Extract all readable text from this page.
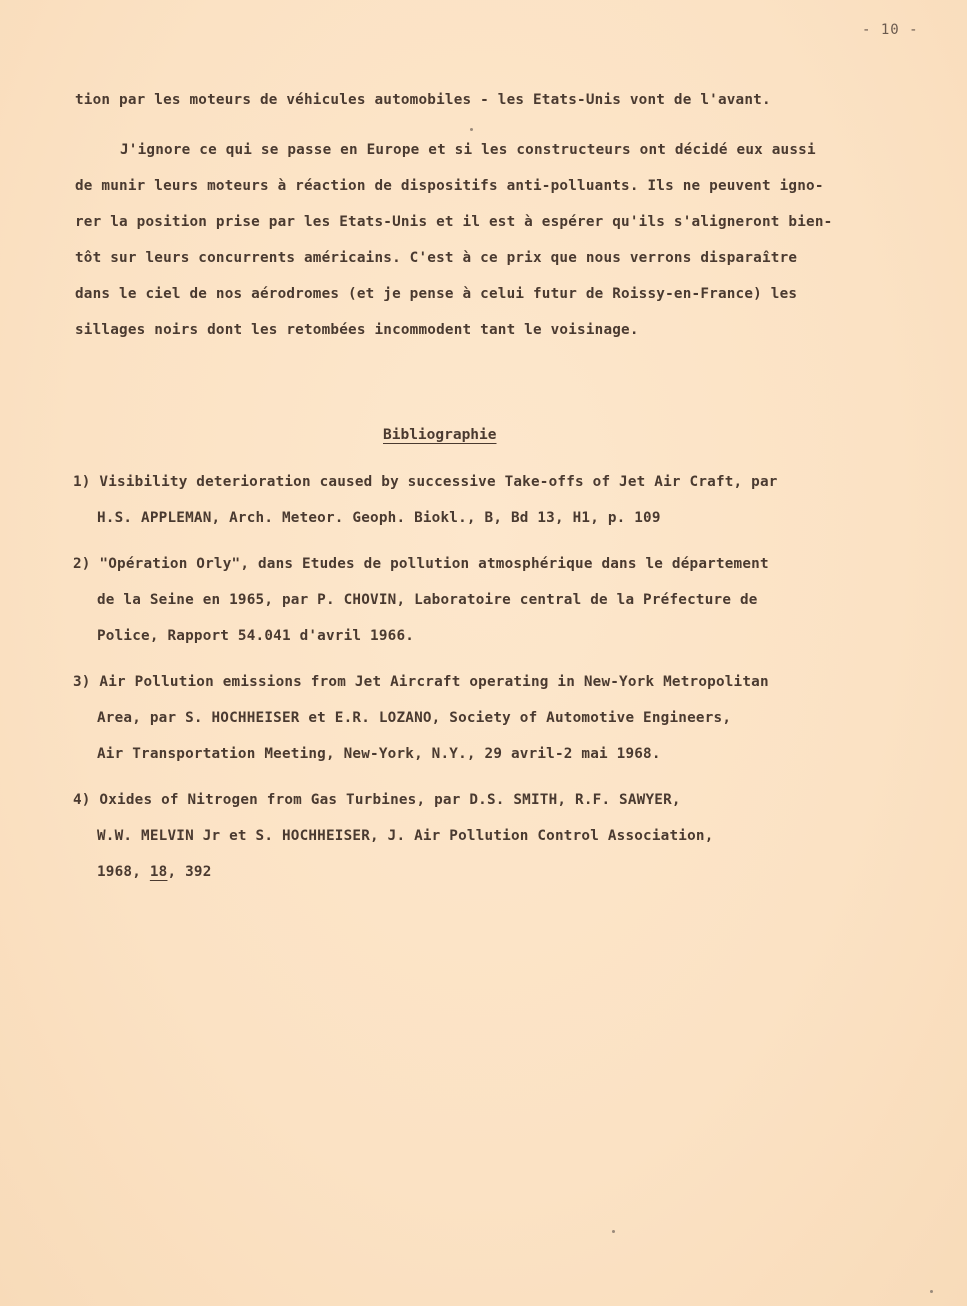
- 10 -
tion par les moteurs de véhicules automobiles - les Etats-Unis vont de l'avant.
J'ignore ce qui se passe en Europe et si les constructeurs ont décidé eux aussi
de munir leurs moteurs à réaction de dispositifs anti-polluants. Ils ne peuvent igno-
rer la position prise par les Etats-Unis et il est à espérer qu'ils s'aligneront bien-
tôt sur leurs concurrents américains. C'est à ce prix que nous verrons disparaître
dans le ciel de nos aérodromes (et je pense à celui futur de Roissy-en-France) les
sillages noirs dont les retombées incommodent tant le voisinage.
Bibliographie
1) Visibility deterioration caused by successive Take-offs of Jet Air Craft, par
H.S. APPLEMAN, Arch. Meteor. Geoph. Biokl., B, Bd 13, H1, p. 109
2) "Opération Orly", dans Etudes de pollution atmosphérique dans le département
de la Seine en 1965, par P. CHOVIN, Laboratoire central de la Préfecture de
Police, Rapport 54.041 d'avril 1966.
3) Air Pollution emissions from Jet Aircraft operating in New-York Metropolitan
Area, par S. HOCHHEISER et E.R. LOZANO, Society of Automotive Engineers,
Air Transportation Meeting, New-York, N.Y., 29 avril-2 mai 1968.
4) Oxides of Nitrogen from Gas Turbines, par D.S. SMITH, R.F. SAWYER,
W.W. MELVIN Jr et S. HOCHHEISER, J. Air Pollution Control Association,
1968, 18, 392
